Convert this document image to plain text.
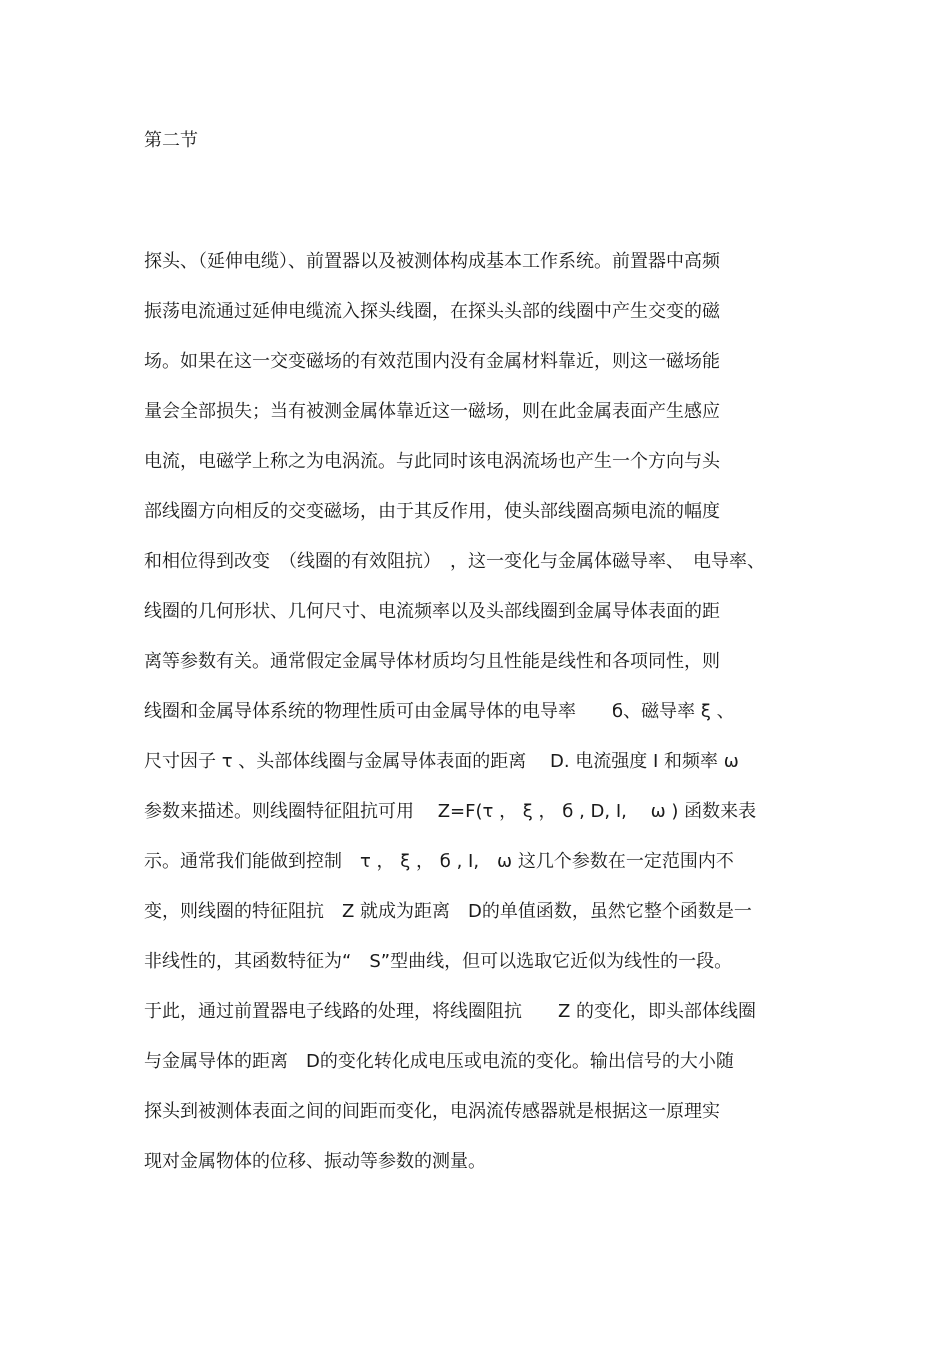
第二节
探头、（延伸电缆）、前置器以及被测体构成基本工作系统。前置器中高频
振荡电流通过延伸电缆流入探头线圈，在探头头部的线圈中产生交变的磁
场。如果在这一交变磁场的有效范围内没有金属材料靠近，则这一磁场能
量会全部损失；当有被测金属体靠近这一磁场，则在此金属表面产生感应
电流，电磁学上称之为电涡流。与此同时该电涡流场也产生一个方向与头
部线圈方向相反的交变磁场，由于其反作用，使头部线圈高频电流的幅度
和相位得到改变　（线圈的有效阻抗）　，这一变化与金属体磁导率、　电导率、
线圈的几何形状、几何尺寸、电流频率以及头部线圈到金属导体表面的距
离等参数有关。通常假定金属导体材质均匀且性能是线性和各项同性，则
线圈和金属导体系统的物理性质可由金属导体的电导率　　б、磁导率 ξ 、
尺寸因子 τ 、头部体线圈与金属导体表面的距离　 D. 电流强度 I 和频率 ω
参数来描述。则线圈特征阻抗可用　 Z=F(τ ， ξ ， б , D, I,　 ω ) 函数来表
示。通常我们能做到控制　τ ， ξ ， б , I,　ω 这几个参数在一定范围内不
变，则线圈的特征阻抗　Z 就成为距离　D的单值函数，虽然它整个函数是一
非线性的，其函数特征为“　S”型曲线，但可以选取它近似为线性的一段。
于此，通过前置器电子线路的处理，将线圈阻抗　　Z 的变化，即头部体线圈
与金属导体的距离　D的变化转化成电压或电流的变化。输出信号的大小随
探头到被测体表面之间的间距而变化，电涡流传感器就是根据这一原理实
现对金属物体的位移、振动等参数的测量。
